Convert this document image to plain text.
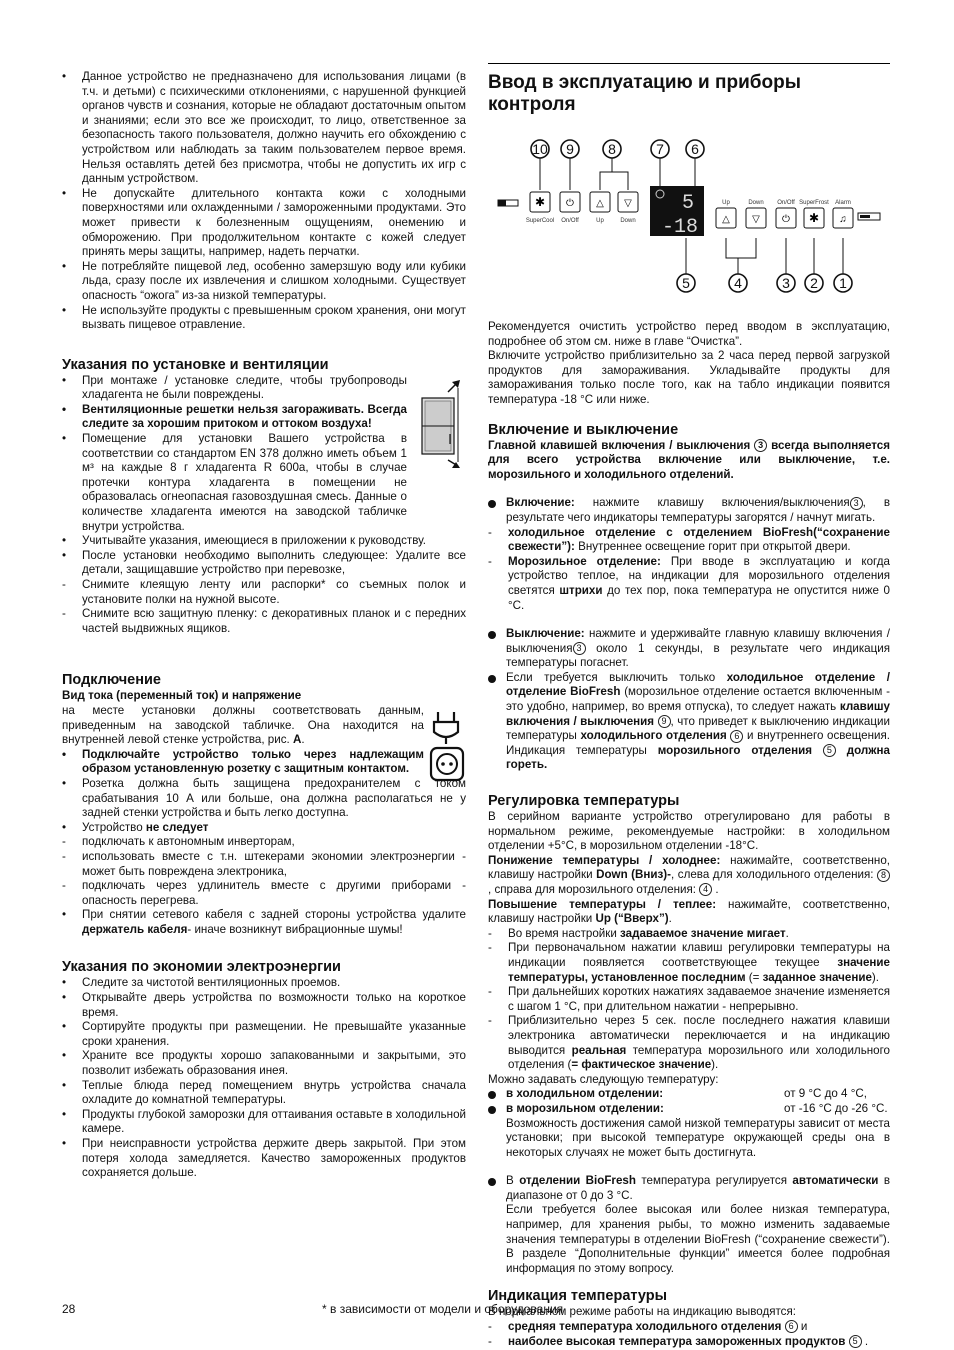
• Данное устройство не предназначено для использования лицами (в т.ч. и детьми) с психическими отклонениями, с нарушенной функцией органов чувств и сознания, которые не обладают достаточным опытом и знаниями; если это все же происходит, то лицо, ответственное за безопасность такого пользователя, должно научить его обхождению с устройством или наблюдать за таким пользователем первое время. Нельзя оставлять детей без присмотра, чтобы не допустить их игр с данным устройством.
• Не допускайте длительного контакта кожи с холодными поверхностями или охлажденными / замороженными продуктами. Это может привести к болезненным ощущениям, онемению и обморожению. При продолжительном контакте с кожей следует принять меры защиты, например, надеть перчатки.
• Не потребляйте пищевой лед, особенно замерзшую воду или кубики льда, сразу после их извлечения и слишком холодными. Существует опасность “ожога” из-за низкой температуры.
• Не используйте продукты с превышенным сроком хранения, они могут вызвать пищевое отравление.
Указания по установке и вентиляции
• При монтаже / установке следите, чтобы трубопроводы хладагента не были повреждены.
• Вентиляционные решетки нельзя загораживать. Всегда следите за хорошим притоком и оттоком воздуха!
• Помещение для установки Вашего устройства в соответствии со стандартом EN 378 должно иметь объем 1 м³ на каждые 8 г хладагента R 600a, чтобы в случае протечки контура хладагента в помещении не образовалась огнеопасная газовоздушная смесь. Данные о количестве хладагента имеются на заводской табличке внутри устройства.
• Учитывайте указания, имеющиеся в приложении к руководству.
• После установки необходимо выполнить следующее: Удалите все детали, защищавшие устройство при перевозке,
- Снимите клеящую ленту или распорки* со съемных полок и установите полки на нужной высоте.
- Снимите всю защитную пленку: с декоративных планок и с передних частей выдвижных ящиков.
Подключение

Вид тока (переменный ток) и напряжение

на месте установки должны соответствовать данным, приведенным на заводской табличке. Она находится на внутренней левой стенке устройства, рис. A.

• Подключайте устройство только через надлежащим образом установленную розетку с защитным контактом.
• Розетка должна быть защищена предохранителем с током срабатывания 10 А или больше, она должна располагаться не у задней стенки устройства и быть легко доступна.
• Устройство не следует
- подключать к автономным инверторам,
- использовать вместе с т.н. штекерами экономии электроэнергии - может быть повреждена электроника,
- подключать через удлинитель вместе с другими приборами - опасность перегрева.
• При снятии сетевого кабеля с задней стороны устройства удалите держатель кабеля- иначе возникнут вибрационные шумы!
Указания по экономии электроэнергии
• Следите за чистотой вентиляционных проемов.
• Открывайте дверь устройства по возможности только на короткое время.
• Сортируйте продукты при размещении. Не превышайте указанные сроки хранения.
• Храните все продукты хорошо запакованными и закрытыми, это позволит избежать образования инея.
• Теплые блюда перед помещением внутрь устройства сначала охладите до комнатной температуры.
• Продукты глубокой заморозки для оттаивания оставьте в холодильной камере.
• При неисправности устройства держите дверь закрытой. При этом потеря холода замедляется. Качество замороженных продуктов сохраняется дольше.
Ввод в эксплуатацию и приборы контроля
10 9 8	7 6
✱ ⏻ △ ▽
SuperCool On/Off	Up	Down
5
-18
Up	Down On/Off SuperFrost Alarm
△ ▽ ⏻ ✱ ♫
5	4	3 2 1

Рекомендуется очистить устройство перед вводом в эксплуатацию, подробнее об этом см. ниже в главе “Очистка”.

Включите устройство приблизительно за 2 часа перед первой загрузкой продуктов для замораживания. Укладывайте продукты для замораживания только после того, как на табло индикации появится температура -18 °C или ниже.

Включение и выключение

Главной клавишей включения / выключения 3 всегда выполняется для всего устройства включение или выключение, т.е. морозильного и холодильного отделений.

Включение: нажмите клавишу включения/выключения 3 , в результате чего индикаторы температуры загорятся / начнут мигать.
- холодильное отделение с отделением BioFresh(“сохранение свежести”): Внутреннее освещение горит при открытой двери.
- Морозильное отделение: При вводе в эксплуатацию и когда устройство теплое, на индикации для морозильного отделения светятся штрихи до тех пор, пока температура не опустится ниже 0 °C.
Выключение: нажмите и удерживайте главную клавишу включения / выключения 3 около 1 секунды, в результате чего индикация температуры погаснет.
Если требуется выключить только холодильное отделение / отделение BioFresh (морозильное отделение остается включенным - это удобно, например, во время отпуска), то следует нажать клавишу включения / выключения 9 , что приведет к выключению индикации температуры холодильного отделения 6 и внутреннего освещения. Индикация температуры морозильного отделения 5 должна гореть.
Регулировка температуры

В серийном варианте устройство отрегулировано для работы в нормальном режиме, рекомендуемые настройки: в холодильном отделении +5°C, в морозильном отделении -18°C.

Понижение температуры / холоднее: нажимайте, соответственно, клавишу настройки Down (Вниз)-, слева для холодильного отделения: 8 , справа для морозильного отделения: 4 .

Повышение температуры / теплее: нажимайте, соответственно, клавишу настройки Up (“Вверх”).

- Во время настройки задаваемое значение мигает.
- При первоначальном нажатии клавиш регулировки температуры на индикации появляется соответствующее текущее значение температуры, установленное последним (= заданное значение).
- При дальнейших коротких нажатиях задаваемое значение изменяется с шагом 1 °C, при длительном нажатии - непрерывно.
- Приблизительно через 5 сек. после последнего нажатия клавиши электроника автоматически переключается и на индикацию выводится реальная температура морозильного или холодильного отделения (= фактическое значение).

Можно задавать следующую температуру:

в холодильном отделении:	от 9 °C до 4 °C,
в морозильном отделении:	от -16 °C до -26 °C.

Возможность достижения самой низкой температуры зависит от места установки; при высокой температуре окружающей среды она в некоторых случаях не может быть достигнута.

В отделении BioFresh температура регулируется автоматически в диапазоне от 0 до 3 °C.

Если требуется более высокая или более низкая температура, например, для хранения рыбы, то можно изменить задаваемые значения температуры в отделении BioFresh (“сохранение свежести”). В разделе “Дополнительные функции” имеется более подробная информация по этому вопросу.

Индикация температуры

В нормальном режиме работы на индикацию выводятся:

- средняя температура холодильного отделения 6 и
- наиболее высокая температура замороженных продуктов 5 .
28	* в зависимости от модели и оборудования
